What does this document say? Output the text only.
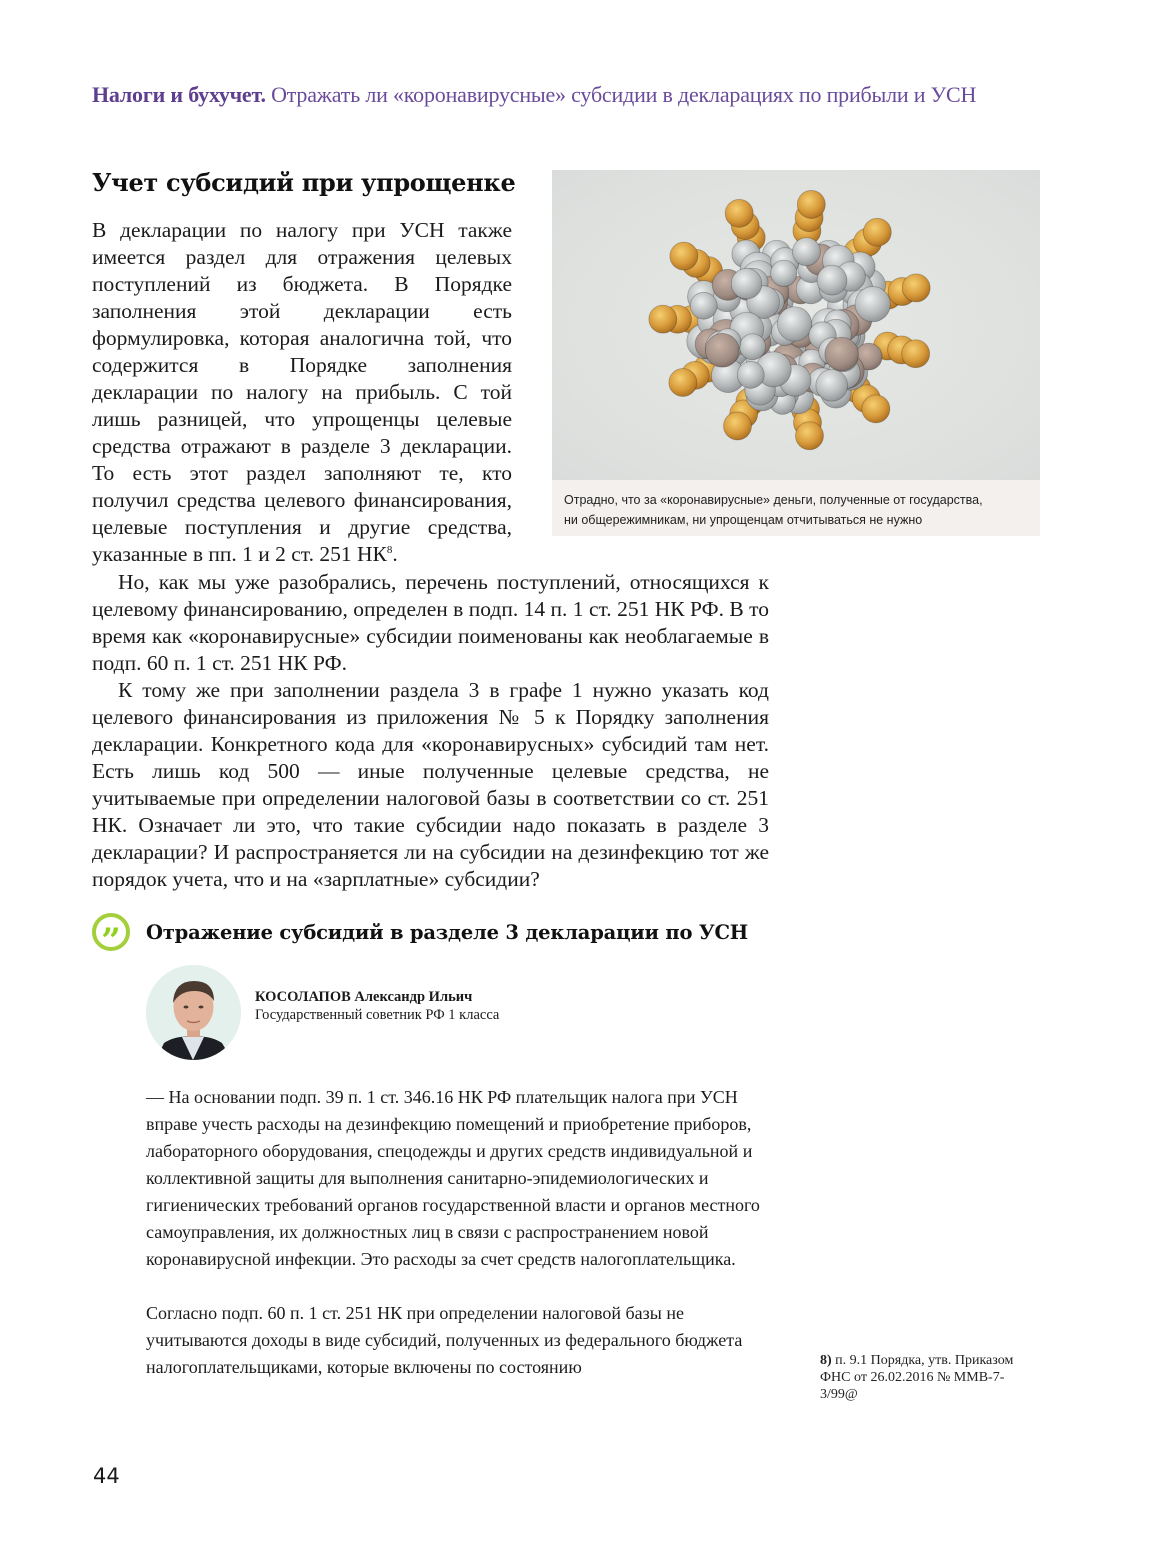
Налоги и бухучет. Отражать ли «коронавирусные» субсидии в декларациях по прибыли и УСН
Учет субсидий при упрощенке

В декларации по налогу при УСН также имеется раздел для отражения целевых поступлений из бюджета. В Порядке заполнения этой декларации есть формулировка, которая аналогична той, что содержится в Порядке заполнения декларации по налогу на прибыль. С той лишь разницей, что упрощенцы целевые средства отражают в разделе 3 декларации. То есть этот раздел заполняют те, кто получил средства целевого финансирования, целевые поступления и другие средства, указанные в пп. 1 и 2 ст. 251 $НК^8$.

Отрадно, что за «коронавирусные» деньги, полученные от государства,
ни общережимникам, ни упрощенцам отчитываться не нужно

Но, как мы уже разобрались, перечень поступлений, относящихся к целевому финансированию, определен в подп. 14 п. 1 ст. 251 НК РФ. В то время как «коронавирусные» субсидии поименованы как необлагаемые в подп. 60 п. 1 ст. 251 НК РФ.

К тому же при заполнении раздела 3 в графе 1 нужно указать код целевого финансирования из приложения № 5 к Порядку заполнения декларации. Конкретного кода для «коронавирусных» субсидий там нет. Есть лишь код 500 — иные полученные целевые средства, не учитываемые при определении налоговой базы в соответствии со ст. 251 НК. Означает ли это, что такие субсидии надо показать в разделе 3 декларации? И распространяется ли на субсидии на дезинфекцию тот же порядок учета, что и на «зарплатные» субсидии?

” Отражение субсидий в разделе 3 декларации по УСН
КОСОЛАПОВ Александр Ильич
Государственный советник РФ 1 класса

— На основании подп. 39 п. 1 ст. 346.16 НК РФ плательщик налога при УСН вправе учесть расходы на дезинфекцию помещений и приобретение приборов, лабораторного оборудования, спецодежды и других средств индивидуальной и коллективной защиты для выполнения санитарно-эпидемиологических и гигиенических требований органов государственной власти и органов местного самоуправления, их должностных лиц в связи с распространением новой коронавирусной инфекции. Это расходы за счет средств налогоплательщика.

Согласно подп. 60 п. 1 ст. 251 НК при определении налоговой базы не учитываются доходы в виде субсидий, полученных из федерального бюджета налогоплательщиками, которые включены по состоянию	8) п. 9.1 Порядка, утв. Приказом ФНС от 26.02.2016 № ММВ-7-3/99@
44
